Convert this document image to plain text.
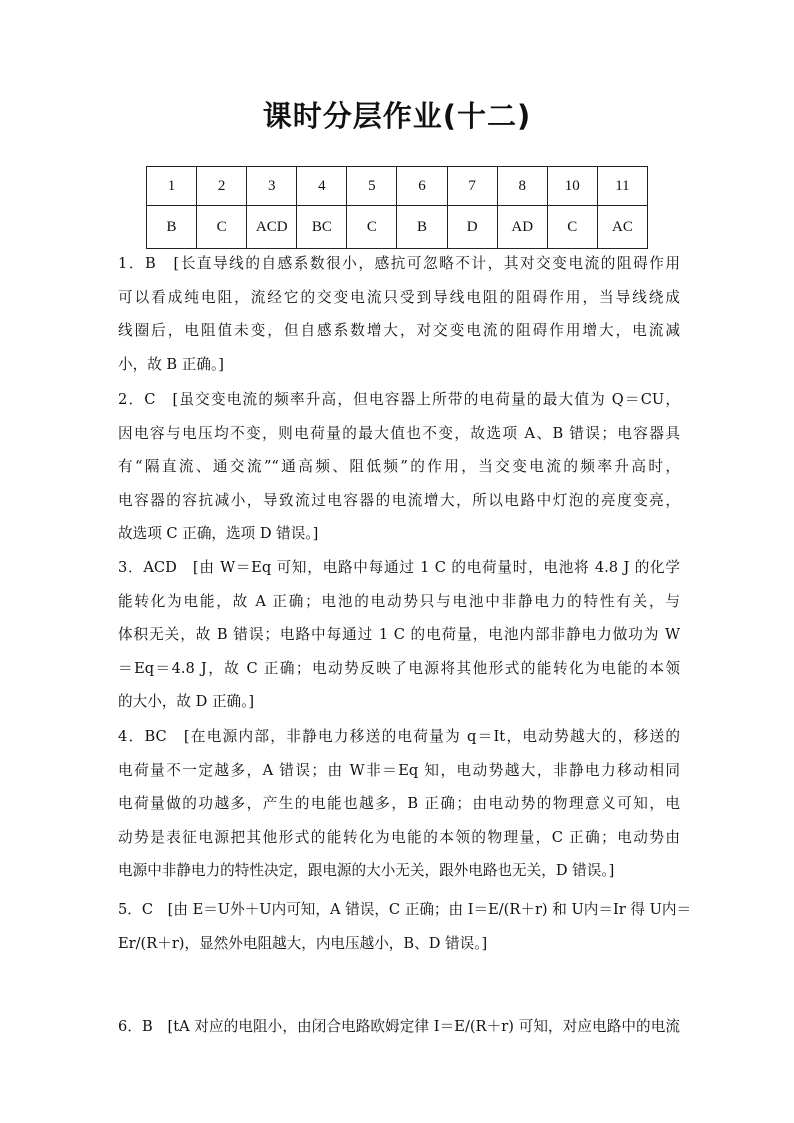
课时分层作业(十二)
1	2	3	4	5	6	7	8	10	11
B	C	ACD	BC	C	B	D	AD	C	AC
1．B　[长直导线的自感系数很小，感抗可忽略不计，其对交变电流的阻碍作用
可以看成纯电阻，流经它的交变电流只受到导线电阻的阻碍作用，当导线绕成
线圈后，电阻值未变，但自感系数增大，对交变电流的阻碍作用增大，电流减
小，故 B 正确。]
2．C　[虽交变电流的频率升高，但电容器上所带的电荷量的最大值为 Q＝CU，
因电容与电压均不变，则电荷量的最大值也不变，故选项 A、B 错误；电容器具
有“隔直流、通交流”“通高频、阻低频”的作用，当交变电流的频率升高时，
电容器的容抗减小，导致流过电容器的电流增大，所以电路中灯泡的亮度变亮，
故选项 C 正确，选项 D 错误。]
3．ACD　[由 W＝Eq 可知，电路中每通过 1 C 的电荷量时，电池将 4.8 J 的化学
能转化为电能，故 A 正确；电池的电动势只与电池中非静电力的特性有关，与
体积无关，故 B 错误；电路中每通过 1 C 的电荷量，电池内部非静电力做功为 W
＝Eq＝4.8 J，故 C 正确；电动势反映了电源将其他形式的能转化为电能的本领
的大小，故 D 正确。]
4．BC　[在电源内部，非静电力移送的电荷量为 q＝It，电动势越大的，移送的
电荷量不一定越多，A 错误；由 W非＝Eq 知，电动势越大，非静电力移动相同
电荷量做的功越多，产生的电能也越多，B 正确；由电动势的物理意义可知，电
动势是表征电源把其他形式的能转化为电能的本领的物理量，C 正确；电动势由
电源中非静电力的特性决定，跟电源的大小无关，跟外电路也无关，D 错误。]
5．C　[由 E＝U外＋U内可知，A 错误，C 正确；由 I＝E/(R＋r) 和 U内＝Ir 得 U内＝
Er/(R＋r)，显然外电阻越大，内电压越小，B、D 错误。]
6．B　[tA 对应的电阻小，由闭合电路欧姆定律 I＝E/(R＋r) 可知，对应电路中的电流
